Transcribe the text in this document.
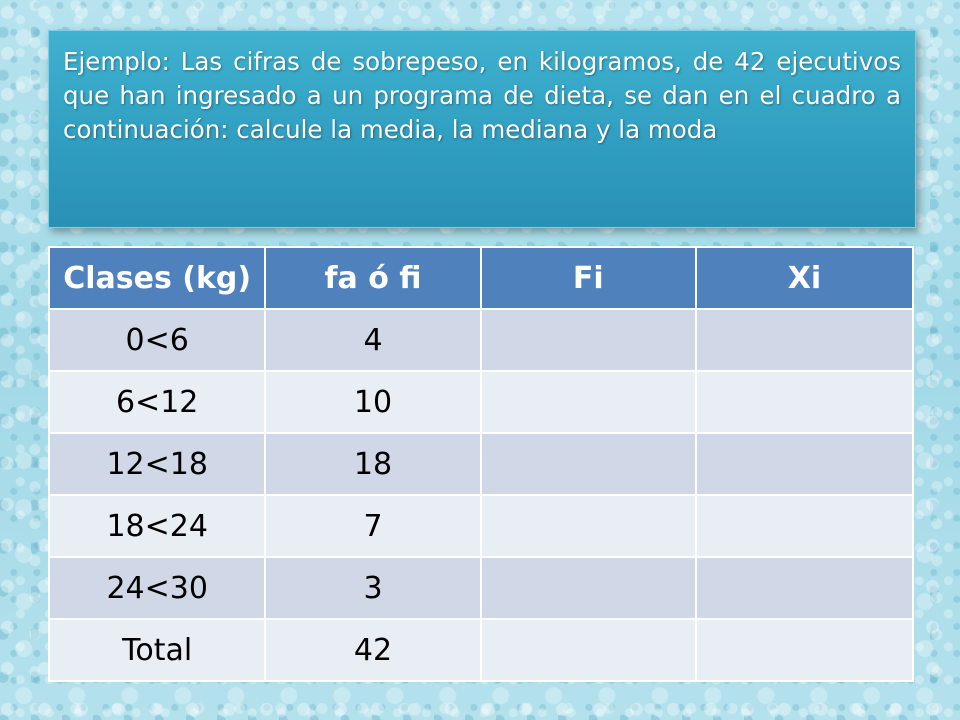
Ejemplo: Las cifras de sobrepeso, en kilogramos, de 42 ejecutivos que han ingresado a un programa de dieta, se dan en el cuadro a continuación: calcule la media, la mediana y la moda

Clases (kg)	fa ó fi	Fi	Xi
0<6	4		
6<12	10		
12<18	18		
18<24	7		
24<30	3		
Total	42		
